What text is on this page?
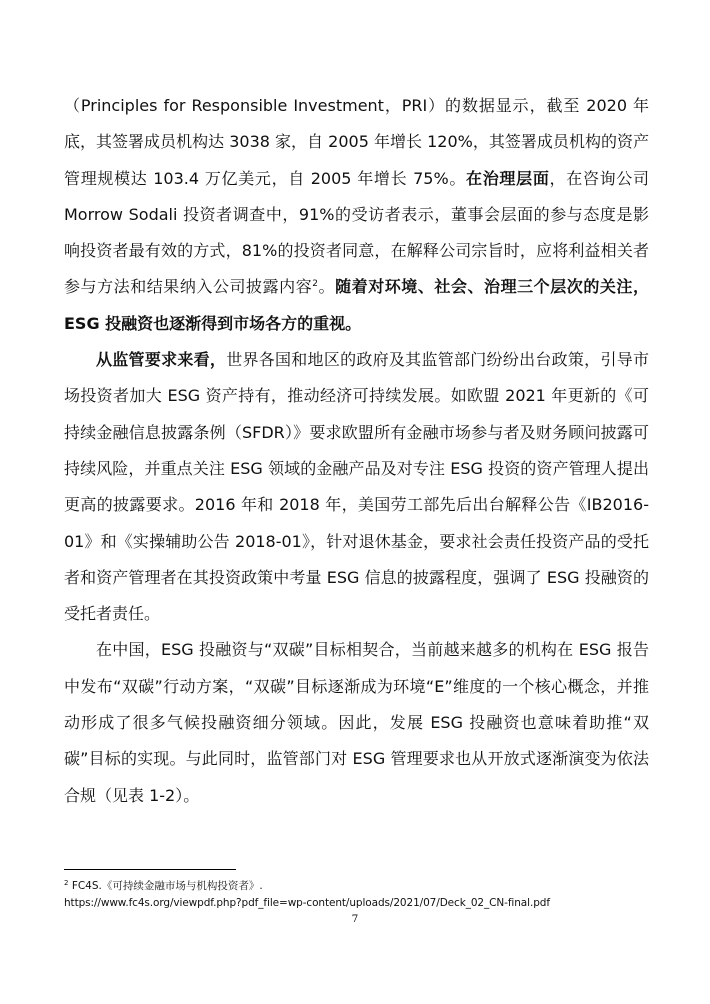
（Principles for Responsible Investment，PRI）的数据显示，截至 2020 年底，其签署成员机构达 3038 家，自 2005 年增长 120%，其签署成员机构的资产管理规模达 103.4 万亿美元，自 2005 年增长 75%。在治理层面，在咨询公司 Morrow Sodali 投资者调查中，91%的受访者表示，董事会层面的参与态度是影响投资者最有效的方式，81%的投资者同意，在解释公司宗旨时，应将利益相关者参与方法和结果纳入公司披露内容$^2$。随着对环境、社会、治理三个层次的关注，ESG 投融资也逐渐得到市场各方的重视。

从监管要求来看，世界各国和地区的政府及其监管部门纷纷出台政策，引导市场投资者加大 ESG 资产持有，推动经济可持续发展。如欧盟 2021 年更新的《可持续金融信息披露条例（SFDR）》要求欧盟所有金融市场参与者及财务顾问披露可持续风险，并重点关注 ESG 领域的金融产品及对专注 ESG 投资的资产管理人提出更高的披露要求。2016 年和 2018 年，美国劳工部先后出台解释公告《IB2016-01》和《实操辅助公告 2018-01》，针对退休基金，要求社会责任投资产品的受托者和资产管理者在其投资政策中考量 ESG 信息的披露程度，强调了 ESG 投融资的受托者责任。

在中国，ESG 投融资与“双碳”目标相契合，当前越来越多的机构在 ESG 报告中发布“双碳”行动方案，“双碳”目标逐渐成为环境“E”维度的一个核心概念，并推动形成了很多气候投融资细分领域。因此，发展 ESG 投融资也意味着助推“双碳”目标的实现。与此同时，监管部门对 ESG 管理要求也从开放式逐渐演变为依法合规（见表 1-2）。

$^2$ FC4S.《可持续金融市场与机构投资者》.
https://www.fc4s.org/viewpdf.php?pdf_file=wp-content/uploads/2021/07/Deck_02_CN-final.pdf
7
